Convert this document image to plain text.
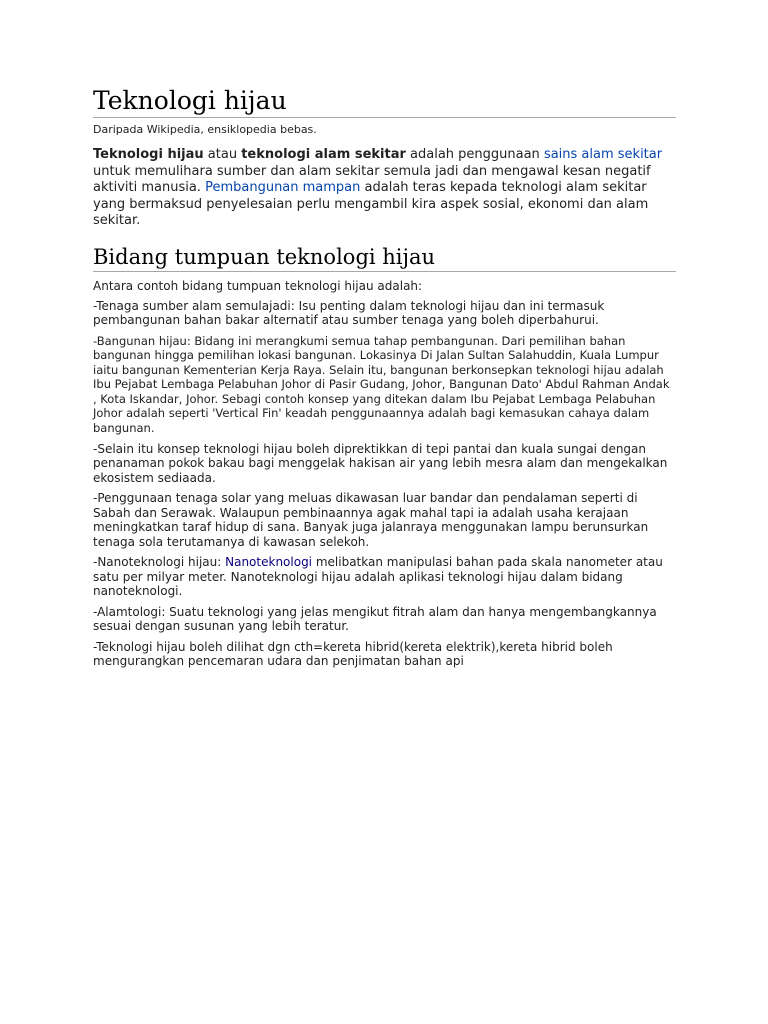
Teknologi hijau

Daripada Wikipedia, ensiklopedia bebas.

Teknologi hijau atau teknologi alam sekitar adalah penggunaan sains alam sekitar untuk memulihara sumber dan alam sekitar semula jadi dan mengawal kesan negatif aktiviti manusia. Pembangunan mampan adalah teras kepada teknologi alam sekitar yang bermaksud penyelesaian perlu mengambil kira aspek sosial, ekonomi dan alam sekitar.

Bidang tumpuan teknologi hijau

Antara contoh bidang tumpuan teknologi hijau adalah:

-Tenaga sumber alam semulajadi: Isu penting dalam teknologi hijau dan ini termasuk pembangunan bahan bakar alternatif atau sumber tenaga yang boleh diperbahurui.

-Bangunan hijau: Bidang ini merangkumi semua tahap pembangunan. Dari pemilihan bahan bangunan hingga pemilihan lokasi bangunan. Lokasinya Di Jalan Sultan Salahuddin, Kuala Lumpur iaitu bangunan Kementerian Kerja Raya. Selain itu, bangunan berkonsepkan teknologi hijau adalah Ibu Pejabat Lembaga Pelabuhan Johor di Pasir Gudang, Johor, Bangunan Dato' Abdul Rahman Andak , Kota Iskandar, Johor. Sebagi contoh konsep yang ditekan dalam Ibu Pejabat Lembaga Pelabuhan Johor adalah seperti 'Vertical Fin' keadah penggunaannya adalah bagi kemasukan cahaya dalam bangunan.

-Selain itu konsep teknologi hijau boleh diprektikkan di tepi pantai dan kuala sungai dengan penanaman pokok bakau bagi menggelak hakisan air yang lebih mesra alam dan mengekalkan ekosistem sediaada.

-Penggunaan tenaga solar yang meluas dikawasan luar bandar dan pendalaman seperti di Sabah dan Serawak. Walaupun pembinaannya agak mahal tapi ia adalah usaha kerajaan meningkatkan taraf hidup di sana. Banyak juga jalanraya menggunakan lampu berunsurkan tenaga sola terutamanya di kawasan selekoh.

-Nanoteknologi hijau: Nanoteknologi melibatkan manipulasi bahan pada skala nanometer atau satu per milyar meter. Nanoteknologi hijau adalah aplikasi teknologi hijau dalam bidang nanoteknologi.

-Alamtologi: Suatu teknologi yang jelas mengikut fitrah alam dan hanya mengembangkannya sesuai dengan susunan yang lebih teratur.

-Teknologi hijau boleh dilihat dgn cth=kereta hibrid(kereta elektrik),kereta hibrid boleh mengurangkan pencemaran udara dan penjimatan bahan api
